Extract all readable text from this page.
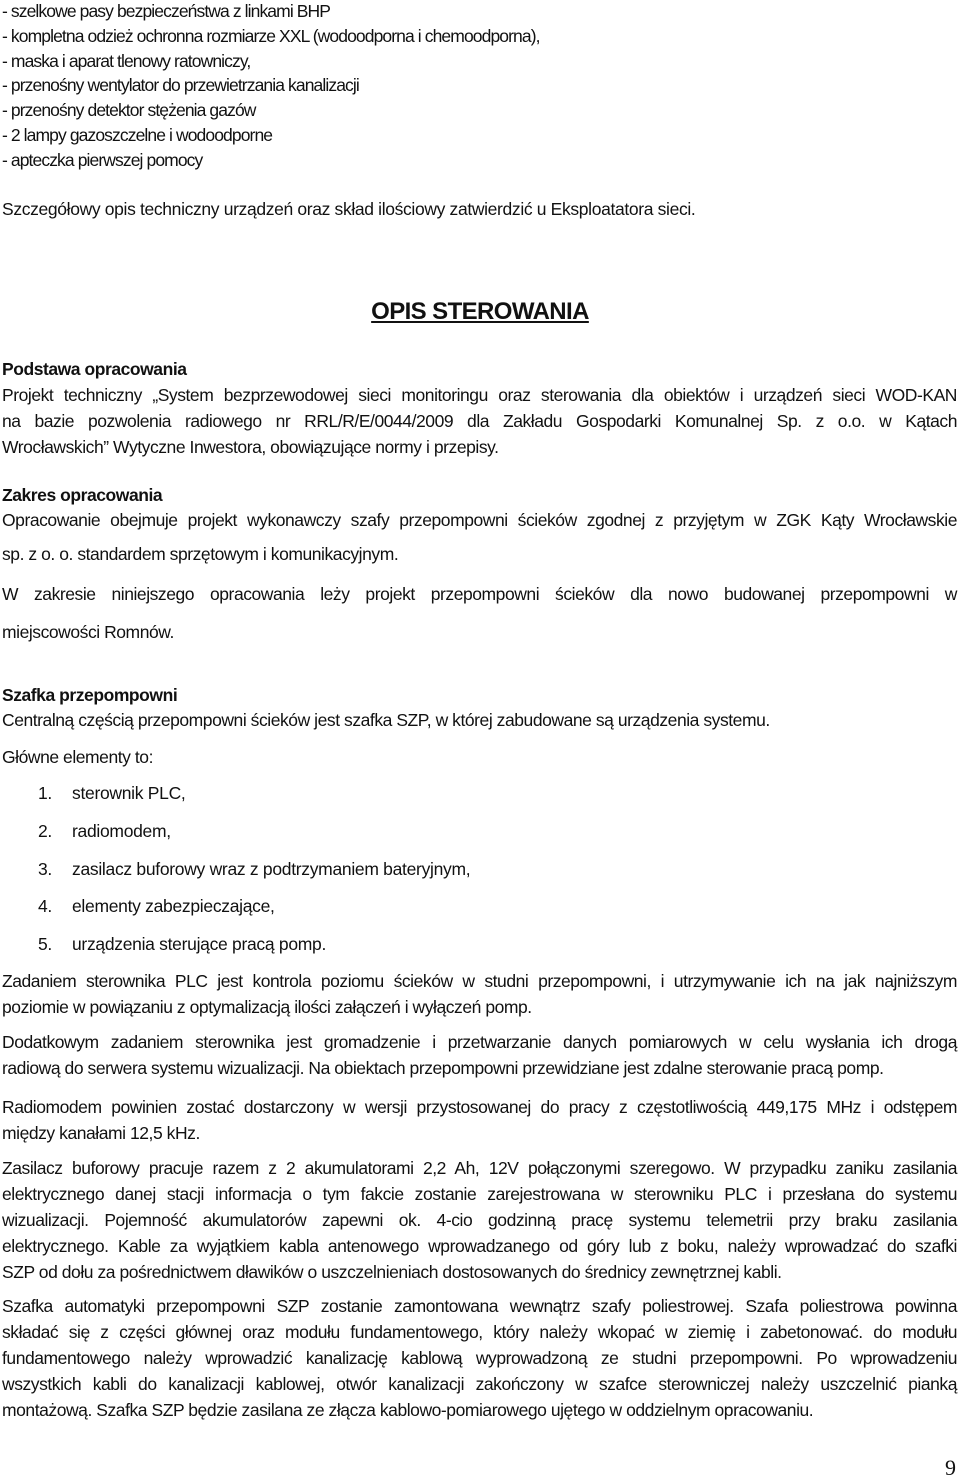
- szelkowe pasy bezpieczeństwa z linkami BHP
- kompletna odzież ochronna rozmiarze XXL (wodoodporna i chemoodporna),
- maska i aparat tlenowy ratowniczy,
- przenośny wentylator do przewietrzania kanalizacji
- przenośny detektor stężenia gazów
- 2 lampy gazoszczelne i wodoodporne
- apteczka pierwszej pomocy
Szczegółowy opis techniczny urządzeń oraz skład ilościowy zatwierdzić u Eksploatatora sieci.
OPIS STEROWANIA
Podstawa opracowania
Projekt techniczny „System bezprzewodowej sieci monitoringu oraz sterowania dla obiektów i urządzeń sieci WOD-KAN
na bazie pozwolenia radiowego nr RRL/R/E/0044/2009 dla Zakładu Gospodarki Komunalnej Sp. z o.o. w Kątach
Wrocławskich” Wytyczne Inwestora, obowiązujące normy i przepisy.
Zakres opracowania
Opracowanie obejmuje projekt wykonawczy szafy przepompowni ścieków zgodnej z przyjętym w ZGK Kąty Wrocławskie
sp. z o. o. standardem sprzętowym i komunikacyjnym.
W zakresie niniejszego opracowania leży projekt przepompowni ścieków dla nowo budowanej przepompowni w
miejscowości Romnów.
Szafka przepompowni
Centralną częścią przepompowni ścieków jest szafka SZP, w której zabudowane są urządzenia systemu.
Główne elementy to:
1. sterownik PLC,
2. radiomodem,
3. zasilacz buforowy wraz z podtrzymaniem bateryjnym,
4. elementy zabezpieczające,
5. urządzenia sterujące pracą pomp.
Zadaniem sterownika PLC jest kontrola poziomu ścieków w studni przepompowni, i utrzymywanie ich na jak najniższym
poziomie w powiązaniu z optymalizacją ilości załączeń i wyłączeń pomp.
Dodatkowym zadaniem sterownika jest gromadzenie i przetwarzanie danych pomiarowych w celu wysłania ich drogą
radiową do serwera systemu wizualizacji. Na obiektach przepompowni przewidziane jest zdalne sterowanie pracą pomp.
Radiomodem powinien zostać dostarczony w wersji przystosowanej do pracy z częstotliwością 449,175 MHz i odstępem
między kanałami 12,5 kHz.
Zasilacz buforowy pracuje razem z 2 akumulatorami 2,2 Ah, 12V połączonymi szeregowo. W przypadku zaniku zasilania
elektrycznego danej stacji informacja o tym fakcie zostanie zarejestrowana w sterowniku PLC i przesłana do systemu
wizualizacji. Pojemność akumulatorów zapewni ok. 4-cio godzinną pracę systemu telemetrii przy braku zasilania
elektrycznego. Kable za wyjątkiem kabla antenowego wprowadzanego od góry lub z boku, należy wprowadzać do szafki
SZP od dołu za pośrednictwem dławików o uszczelnieniach dostosowanych do średnicy zewnętrznej kabli.
Szafka automatyki przepompowni SZP zostanie zamontowana wewnątrz szafy poliestrowej. Szafa poliestrowa powinna
składać się z części głównej oraz modułu fundamentowego, który należy wkopać w ziemię i zabetonować. do modułu
fundamentowego należy wprowadzić kanalizację kablową wyprowadzoną ze studni przepompowni. Po wprowadzeniu
wszystkich kabli do kanalizacji kablowej, otwór kanalizacji zakończony w szafce sterowniczej należy uszczelnić pianką
montażową. Szafka SZP będzie zasilana ze złącza kablowo-pomiarowego ujętego w oddzielnym opracowaniu.
9
